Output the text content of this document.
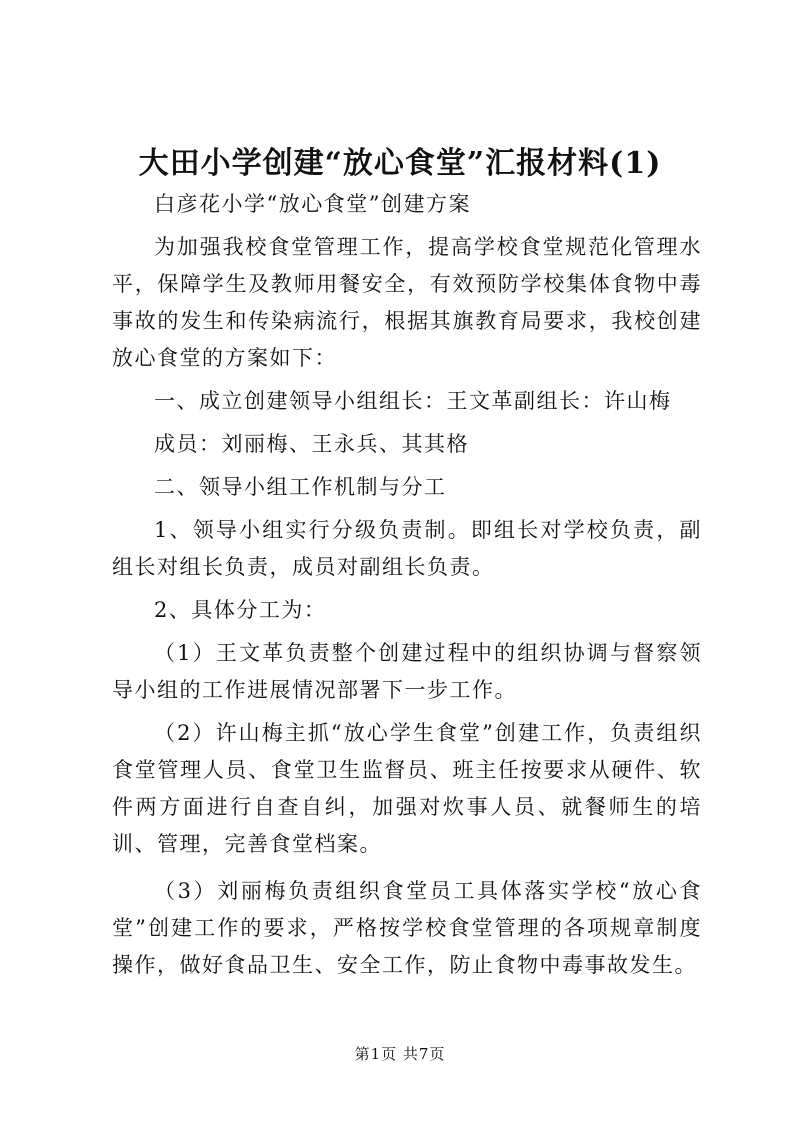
大田小学创建“放心食堂”汇报材料(1)

白彦花小学“放心食堂”创建方案

为加强我校食堂管理工作，提高学校食堂规范化管理水平，保障学生及教师用餐安全，有效预防学校集体食物中毒事故的发生和传染病流行，根据其旗教育局要求，我校创建放心食堂的方案如下：

一、成立创建领导小组组长：王文革副组长：许山梅

成员：刘丽梅、王永兵、其其格

二、领导小组工作机制与分工

1、领导小组实行分级负责制。即组长对学校负责，副组长对组长负责，成员对副组长负责。

2、具体分工为：

（1）王文革负责整个创建过程中的组织协调与督察领导小组的工作进展情况部署下一步工作。

（2）许山梅主抓“放心学生食堂”创建工作，负责组织食堂管理人员、食堂卫生监督员、班主任按要求从硬件、软件两方面进行自查自纠，加强对炊事人员、就餐师生的培训、管理，完善食堂档案。

（3）刘丽梅负责组织食堂员工具体落实学校“放心食堂”创建工作的要求，严格按学校食堂管理的各项规章制度操作，做好食品卫生、安全工作，防止食物中毒事故发生。

第1页 共7页
